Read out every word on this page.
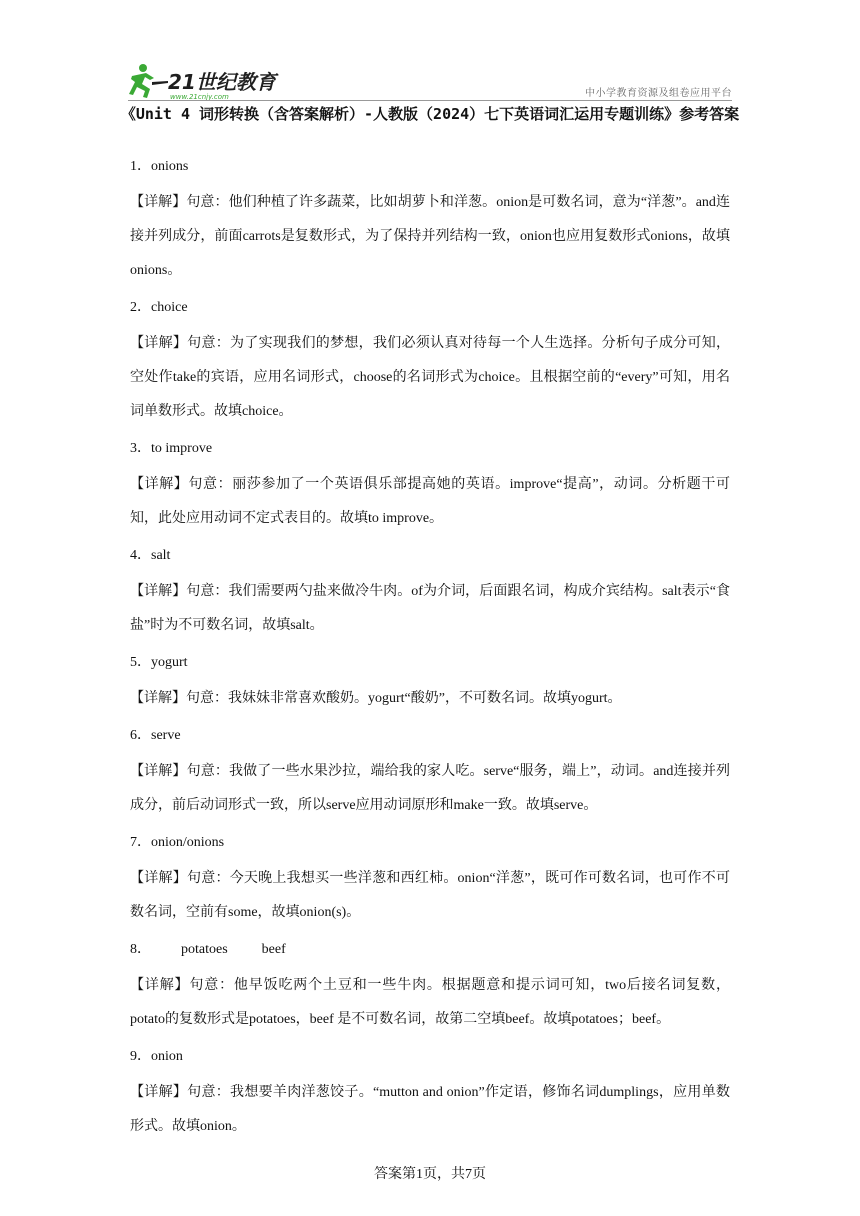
21世纪教育
www.21cnjy.com	中小学教育资源及组卷应用平台
《Unit 4 词形转换（含答案解析）-人教版（2024）七下英语词汇运用专题训练》参考答案
1．onions
【详解】句意：他们种植了许多蔬菜，比如胡萝卜和洋葱。onion是可数名词，意为“洋葱”。and连接并列成分，前面carrots是复数形式，为了保持并列结构一致，onion也应用复数形式onions，故填onions。
2．choice
【详解】句意：为了实现我们的梦想，我们必须认真对待每一个人生选择。分析句子成分可知，空处作take的宾语，应用名词形式，choose的名词形式为choice。且根据空前的“every”可知，用名词单数形式。故填choice。
3．to improve
【详解】句意：丽莎参加了一个英语俱乐部提高她的英语。improve“提高”，动词。分析题干可知，此处应用动词不定式表目的。故填to improve。
4．salt
【详解】句意：我们需要两勺盐来做冷牛肉。of为介词，后面跟名词，构成介宾结构。salt表示“食盐”时为不可数名词，故填salt。
5．yogurt
【详解】句意：我妹妹非常喜欢酸奶。yogurt“酸奶”，不可数名词。故填yogurt。
6．serve
【详解】句意：我做了一些水果沙拉，端给我的家人吃。serve“服务，端上”，动词。and连接并列成分，前后动词形式一致，所以serve应用动词原形和make一致。故填serve。
7．onion/onions
【详解】句意：今天晚上我想买一些洋葱和西红柿。onion“洋葱”，既可作可数名词，也可作不可数名词，空前有some，故填onion(s)。
8． potatoes beef
【详解】句意：他早饭吃两个土豆和一些牛肉。根据题意和提示词可知，two后接名词复数，potato的复数形式是potatoes，beef 是不可数名词，故第二空填beef。故填potatoes；beef。
9．onion
【详解】句意：我想要羊肉洋葱饺子。“mutton and onion”作定语，修饰名词dumplings，应用单数形式。故填onion。
答案第1页，共7页
